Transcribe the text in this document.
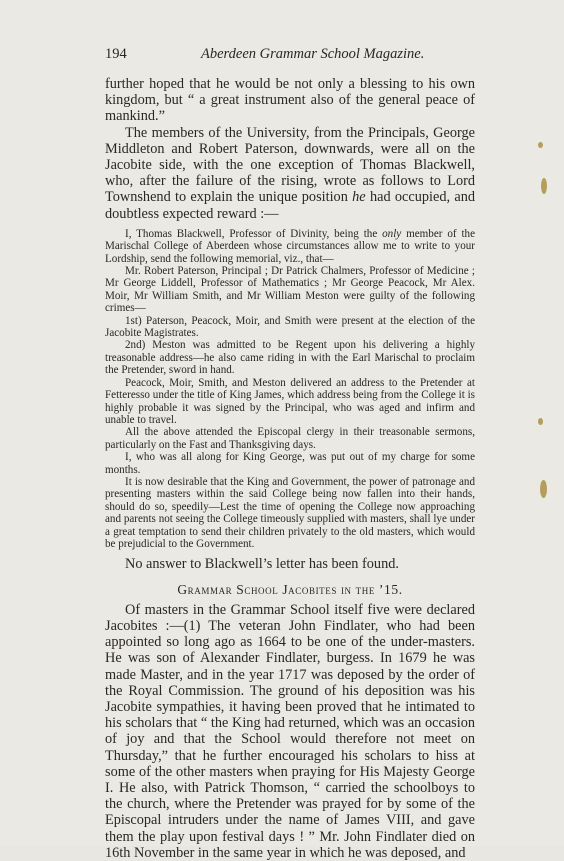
194	Aberdeen Grammar School Magazine.

further hoped that he would be not only a blessing to his own kingdom, but “ a great instrument also of the general peace of mankind.”

The members of the University, from the Principals, George Middleton and Robert Paterson, downwards, were all on the Jacobite side, with the one exception of Thomas Blackwell, who, after the failure of the rising, wrote as follows to Lord Townshend to explain the unique position he had occupied, and doubtless expected reward :—

I, Thomas Blackwell, Professor of Divinity, being the only member of the Marischal College of Aberdeen whose circumstances allow me to write to your Lordship, send the following memorial, viz., that—

Mr. Robert Paterson, Principal ; Dr Patrick Chalmers, Professor of Medicine ; Mr George Liddell, Professor of Mathematics ; Mr George Peacock, Mr Alex. Moir, Mr William Smith, and Mr William Meston were guilty of the following crimes—

1st) Paterson, Peacock, Moir, and Smith were present at the election of the Jacobite Magistrates.

2nd) Meston was admitted to be Regent upon his delivering a highly treasonable address—he also came riding in with the Earl Marischal to proclaim the Pretender, sword in hand.

Peacock, Moir, Smith, and Meston delivered an address to the Pretender at Fetteresso under the title of King James, which address being from the College it is highly probable it was signed by the Principal, who was aged and infirm and unable to travel.

All the above attended the Episcopal clergy in their treasonable sermons, particularly on the Fast and Thanksgiving days.

I, who was all along for King George, was put out of my charge for some months.

It is now desirable that the King and Government, the power of patronage and presenting masters within the said College being now fallen into their hands, should do so, speedily—Lest the time of opening the College now approaching and parents not seeing the College timeously supplied with masters, shall lye under a great temptation to send their children privately to the old masters, which would be prejudicial to the Government.

No answer to Blackwell’s letter has been found.

Grammar School Jacobites in the ’15.

Of masters in the Grammar School itself five were declared Jacobites :—(1) The veteran John Findlater, who had been appointed so long ago as 1664 to be one of the under-masters. He was son of Alexander Findlater, burgess. In 1679 he was made Master, and in the year 1717 was deposed by the order of the Royal Commission. The ground of his deposition was his Jacobite sympathies, it having been proved that he intimated to his scholars that “ the King had returned, which was an occasion of joy and that the School would therefore not meet on Thursday,” that he further encouraged his scholars to hiss at some of the other masters when praying for His Majesty George I. He also, with Patrick Thomson, “ carried the schoolboys to the church, where the Pretender was prayed for by some of the Episcopal intruders under the name of James VIII, and gave them the play upon festival days ! ” Mr. John Findlater died on 16th November in the same year in which he was deposed, and
